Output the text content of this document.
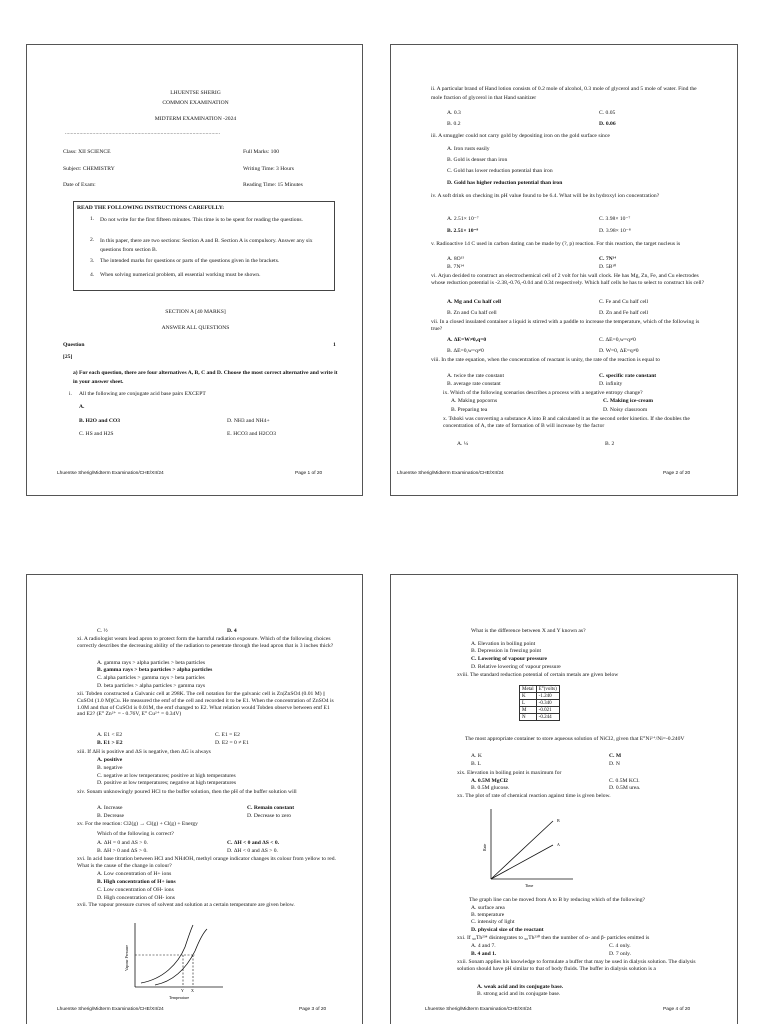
LHUENTSE SHERIG
COMMON EXAMINATION
MIDTERM EXAMINATION -2024
...........................................................................................................
Class: XII SCIENCE	Full Marks: 100
Subject: CHEMISTRY	Writing Time: 3 Hours
Date of Exam:	Reading Time: 15 Minutes
READ THE FOLLOWING INSTRUCTIONS CAREFULLY:
1. Do not write for the first fifteen minutes. This time is to be spent for reading the questions.
2. In this paper, there are two sections: Section A and B. Section A is compulsory. Answer any six questions from section B.
3. The intended marks for questions or parts of the questions given in the brackets.
4. When solving numerical problem, all essential working must be shown.
SECTION A [40 MARKS]
ANSWER ALL QUESTIONS
Question	1
[25]
a) For each question, there are four alternatives A, B, C and D. Choose the most correct alternative and write it in your answer sheet.
i. All the following are conjugate acid base pairs EXCEPT
A.
B. H2O and CO3
C. HS and H2S
D. NH3 and NH4+
E. HCO3 and H2CO3
Lhuentse Sherig/Midterm Examination/CHE/XII/24	Page 1 of 20
ii. A particular brand of Hand lotion consists of 0.2 mole of alcohol, 0.3 mole of glycerol and 5 mole of water. Find the mole fraction of glycerol in that Hand sanitizer
A. 0.3	C. 0.05
B. 0.2	D. 0.06
iii. A smuggler could not carry gold by depositing iron on the gold surface since
A. Iron rusts easily
B. Gold is denser than iron
C. Gold has lower reduction potential than iron
D. Gold has higher reduction potential than iron
iv. A soft drink on checking its pH value found to be 6.4. What will be its hydroxyl ion concentration?
A. 2.51× 10⁻⁷	C. 3.98× 10⁻⁷
B. 2.51× 10⁻⁸	D. 3.98× 10⁻⁸
v. Radioactive 14 C used in carbon dating can be made by (?, p) reaction. For this reaction, the target nucleus is
A. 8O¹⁵	C. 7N¹⁴
B. 7N¹⁴	D. 5B¹⁰
vi. Arjun decided to construct an electrochemical cell of 2 volt for his wall clock. He has Mg, Zn, Fe, and Cu electrodes whose reduction potential is -2.38,-0.76,-0.04 and 0.34 respectively. Which half cells he has to select to construct his cell?
A. Mg and Cu half cell	C. Fe and Cu half cell
B. Zn and Cu half cell	D. Zn and Fe half cell
vii. In a closed insulated container a liquid is stirred with a paddle to increase the temperature, which of the following is true?
A. ΔE=W≠0,q=0	C. ΔE=0,w=q≠0
B. ΔE=0,w=q≠0	D. W=0, ΔE=q≠0
viii. In the rate equation, when the concentration of reactant is unity, the rate of the reaction is equal to
A. twice the rate constant	C. specific rate constant
B. average rate constant	D. infinity
ix. Which of the following scenarios describes a process with a negative entropy change?
A. Making popcorns	C. Making ice-cream
B. Preparing tea	D. Noisy classroom
x. Tshoki was converting a substance A into B and calculated it as the second order kinetics. If she doubles the concentration of A, the rate of formation of B will increase by the factor
A. ¼	B. 2
Lhuentse Sherig/Midterm Examination/CHE/XII/24	Page 2 of 20
C. ½	D. 4
xi. A radiologist wears lead apron to protect form the harmful radiation exposure. Which of the following choices correctly describes the decreasing ability of the radiation to penetrate through the lead apron that is 3 inches thick?
A. gamma rays > alpha particles > beta particles
B. gamma rays > beta particles > alpha particles
C. alpha particles > gamma rays > beta particles
D. beta particles > alpha particles > gamma rays
xii. Tobden constructed a Galvanic cell at 298K. The cell notation for the galvanic cell is Zn|ZnSO4 (0.01 M) || CuSO4 (1.0 M)|Cu. He measured the emf of the cell and recorded it to be E1. When the concentration of ZnSO4 is 1.0M and that of CuSO4 is 0.01M, the emf changed to E2. What relation would Tobden observe between emf E1 and E2? (E° Zn²⁺ = - 0.76V, E° Cu²⁺ = 0.34V)
A. E1 < E2	C. E1 = E2
B. E1 > E2	D. E2 = 0 ≠ E1
xiii. If ΔH is positive and ΔS is negative, then ΔG is always
A. positive
B. negative
C. negative at low temperatures; positive at high temperatures
D. positive at low temperatures; negative at high temperatures
xiv. Sonam unknowingly poured HCl to the buffer solution, then the pH of the buffer solution will
A. Increase	C. Remain constant
B. Decrease	D. Decrease to zero
xv. For the reaction: Cl2(g) → Cl(g) + Cl(g) + Energy
Which of the following is correct?
A. ΔH = 0 and ΔS > 0.	C. ΔH < 0 and ΔS < 0.
B. ΔH > 0 and ΔS > 0.	D. ΔH < 0 and ΔS > 0.
xvi. In acid base titration between HCl and NH4OH, methyl orange indicator changes its colour from yellow to red. What is the cause of the change in colour?
A. Low concentration of H+ ions
B. High concentration of H+ ions
C. Low concentration of OH- ions
D. High concentration of OH- ions
xvii. The vapour pressure curves of solvent and solution at a certain temperature are given below.
Vapour Pressure
Y X
Temperature
Lhuentse Sherig/Midterm Examination/CHE/XII/24	Page 3 of 20
What is the difference between X and Y known as?
A. Elevation in boiling point
B. Depression in freezing point
C. Lowering of vapour pressure
D. Relative lowering of vapour pressure
xviii. The standard reduction potential of certain metals are given below
Metal	E°(volts)
K	-1.240
L	-0.340
M	-0.021
N	-0.244
The most appropriate container to store aqueous solution of NiCl2, given that E°Ni²⁺/Ni=-0.240V
A. K	C. M
B. L	D. N
xix. Elevation in boiling point is maximum for
A. 0.5M MgCl2	C. 0.5M KCl.
B. 0.5M glucose.	D. 0.5M urea.
xx. The plot of rate of chemical reaction against time is given below.
B
A
Rate
Time
The graph line can be moved from A to B by reducing which of the following?
A. surface area
B. temperature
C. intensity of light
D. physical size of the reactant
xxi. If ₉₀Th²³⁴ disintegrates to ₉₀Th²³⁰ then the number of α- and β- particles emitted is
A. 4 and 7.	C. 4 only.
B. 4 and 1.	D. 7 only.
xxii. Sonam applies his knowledge to formulate a buffer that may be used in dialysis solution. The dialysis solution should have pH similar to that of body fluids. The buffer in dialysis solution is a
A. weak acid and its conjugate base.
B. strong acid and its conjugate base.
Lhuentse Sherig/Midterm Examination/CHE/XII/24	Page 4 of 20
